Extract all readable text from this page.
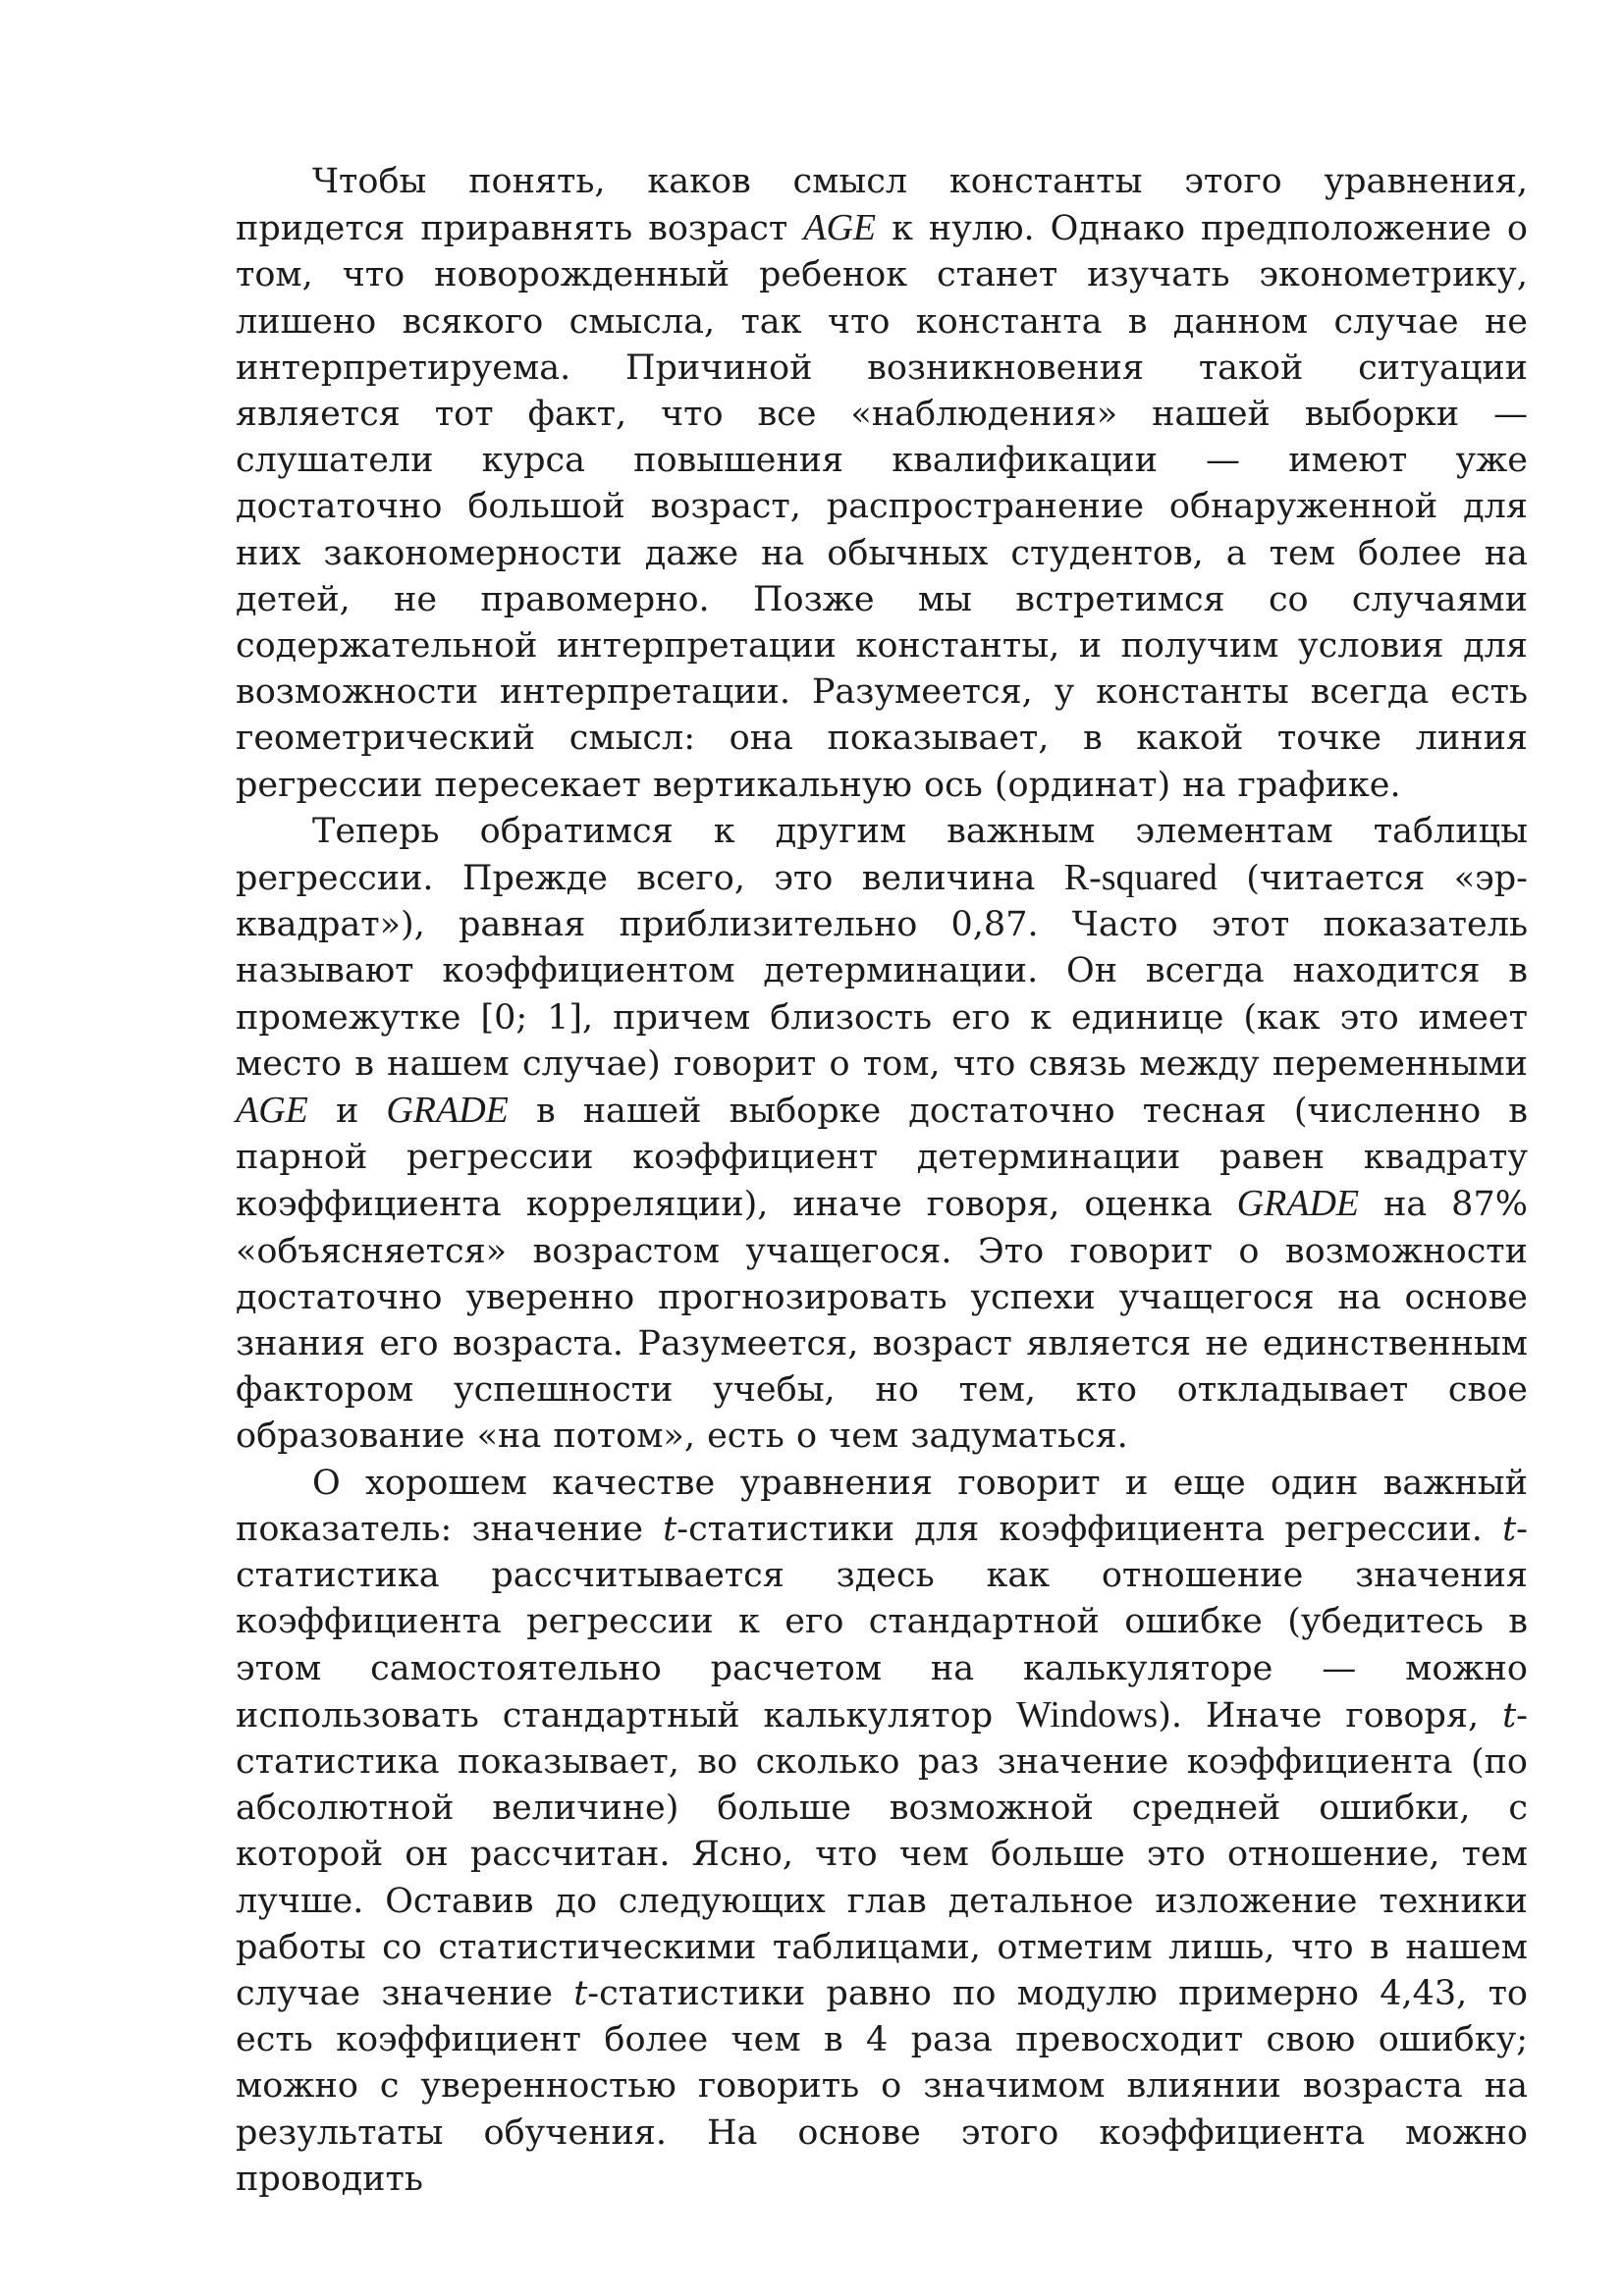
Чтобы понять, каков смысл константы этого уравнения, придется приравнять возраст AGE к нулю. Однако предположение о том, что новорожденный ребенок станет изучать эконометрику, лишено всякого смысла, так что константа в данном случае не интерпретируема. Причиной возникновения такой ситуации является тот факт, что все «наблюдения» нашей выборки — слушатели курса повышения квалификации — имеют уже достаточно большой возраст, распространение обнаруженной для них закономерности даже на обычных студентов, а тем более на детей, не правомерно. Позже мы встретимся со случаями содержательной интерпретации константы, и получим условия для возможности интерпретации. Разумеется, у константы всегда есть геометрический смысл: она показывает, в какой точке линия регрессии пересекает вертикальную ось (ординат) на графике.

Теперь обратимся к другим важным элементам таблицы регрессии. Прежде всего, это величина R-squared (читается «эр-квадрат»), равная приблизительно 0,87. Часто этот показатель называют коэффициентом детерминации. Он всегда находится в промежутке [0; 1], причем близость его к единице (как это имеет место в нашем случае) говорит о том, что связь между переменными AGE и GRADE в нашей выборке достаточно тесная (численно в парной регрессии коэффициент детерминации равен квадрату коэффициента корреляции), иначе говоря, оценка GRADE на 87% «объясняется» возрастом учащегося. Это говорит о возможности достаточно уверенно прогнозировать успехи учащегося на основе знания его возраста. Разумеется, возраст является не единственным фактором успешности учебы, но тем, кто откладывает свое образование «на потом», есть о чем задуматься.

О хорошем качестве уравнения говорит и еще один важный показатель: значение t-статистики для коэффициента регрессии. t-статистика рассчитывается здесь как отношение значения коэффициента регрессии к его стандартной ошибке (убедитесь в этом самостоятельно расчетом на калькуляторе — можно использовать стандартный калькулятор Windows). Иначе говоря, t-статистика показывает, во сколько раз значение коэффициента (по абсолютной величине) больше возможной средней ошибки, с которой он рассчитан. Ясно, что чем больше это отношение, тем лучше. Оставив до следующих глав детальное изложение техники работы со статистическими таблицами, отметим лишь, что в нашем случае значение t-статистики равно по модулю примерно 4,43, то есть коэффициент более чем в 4 раза превосходит свою ошибку; можно с уверенностью говорить о значимом влиянии возраста на результаты обучения. На основе этого коэффициента можно проводить
